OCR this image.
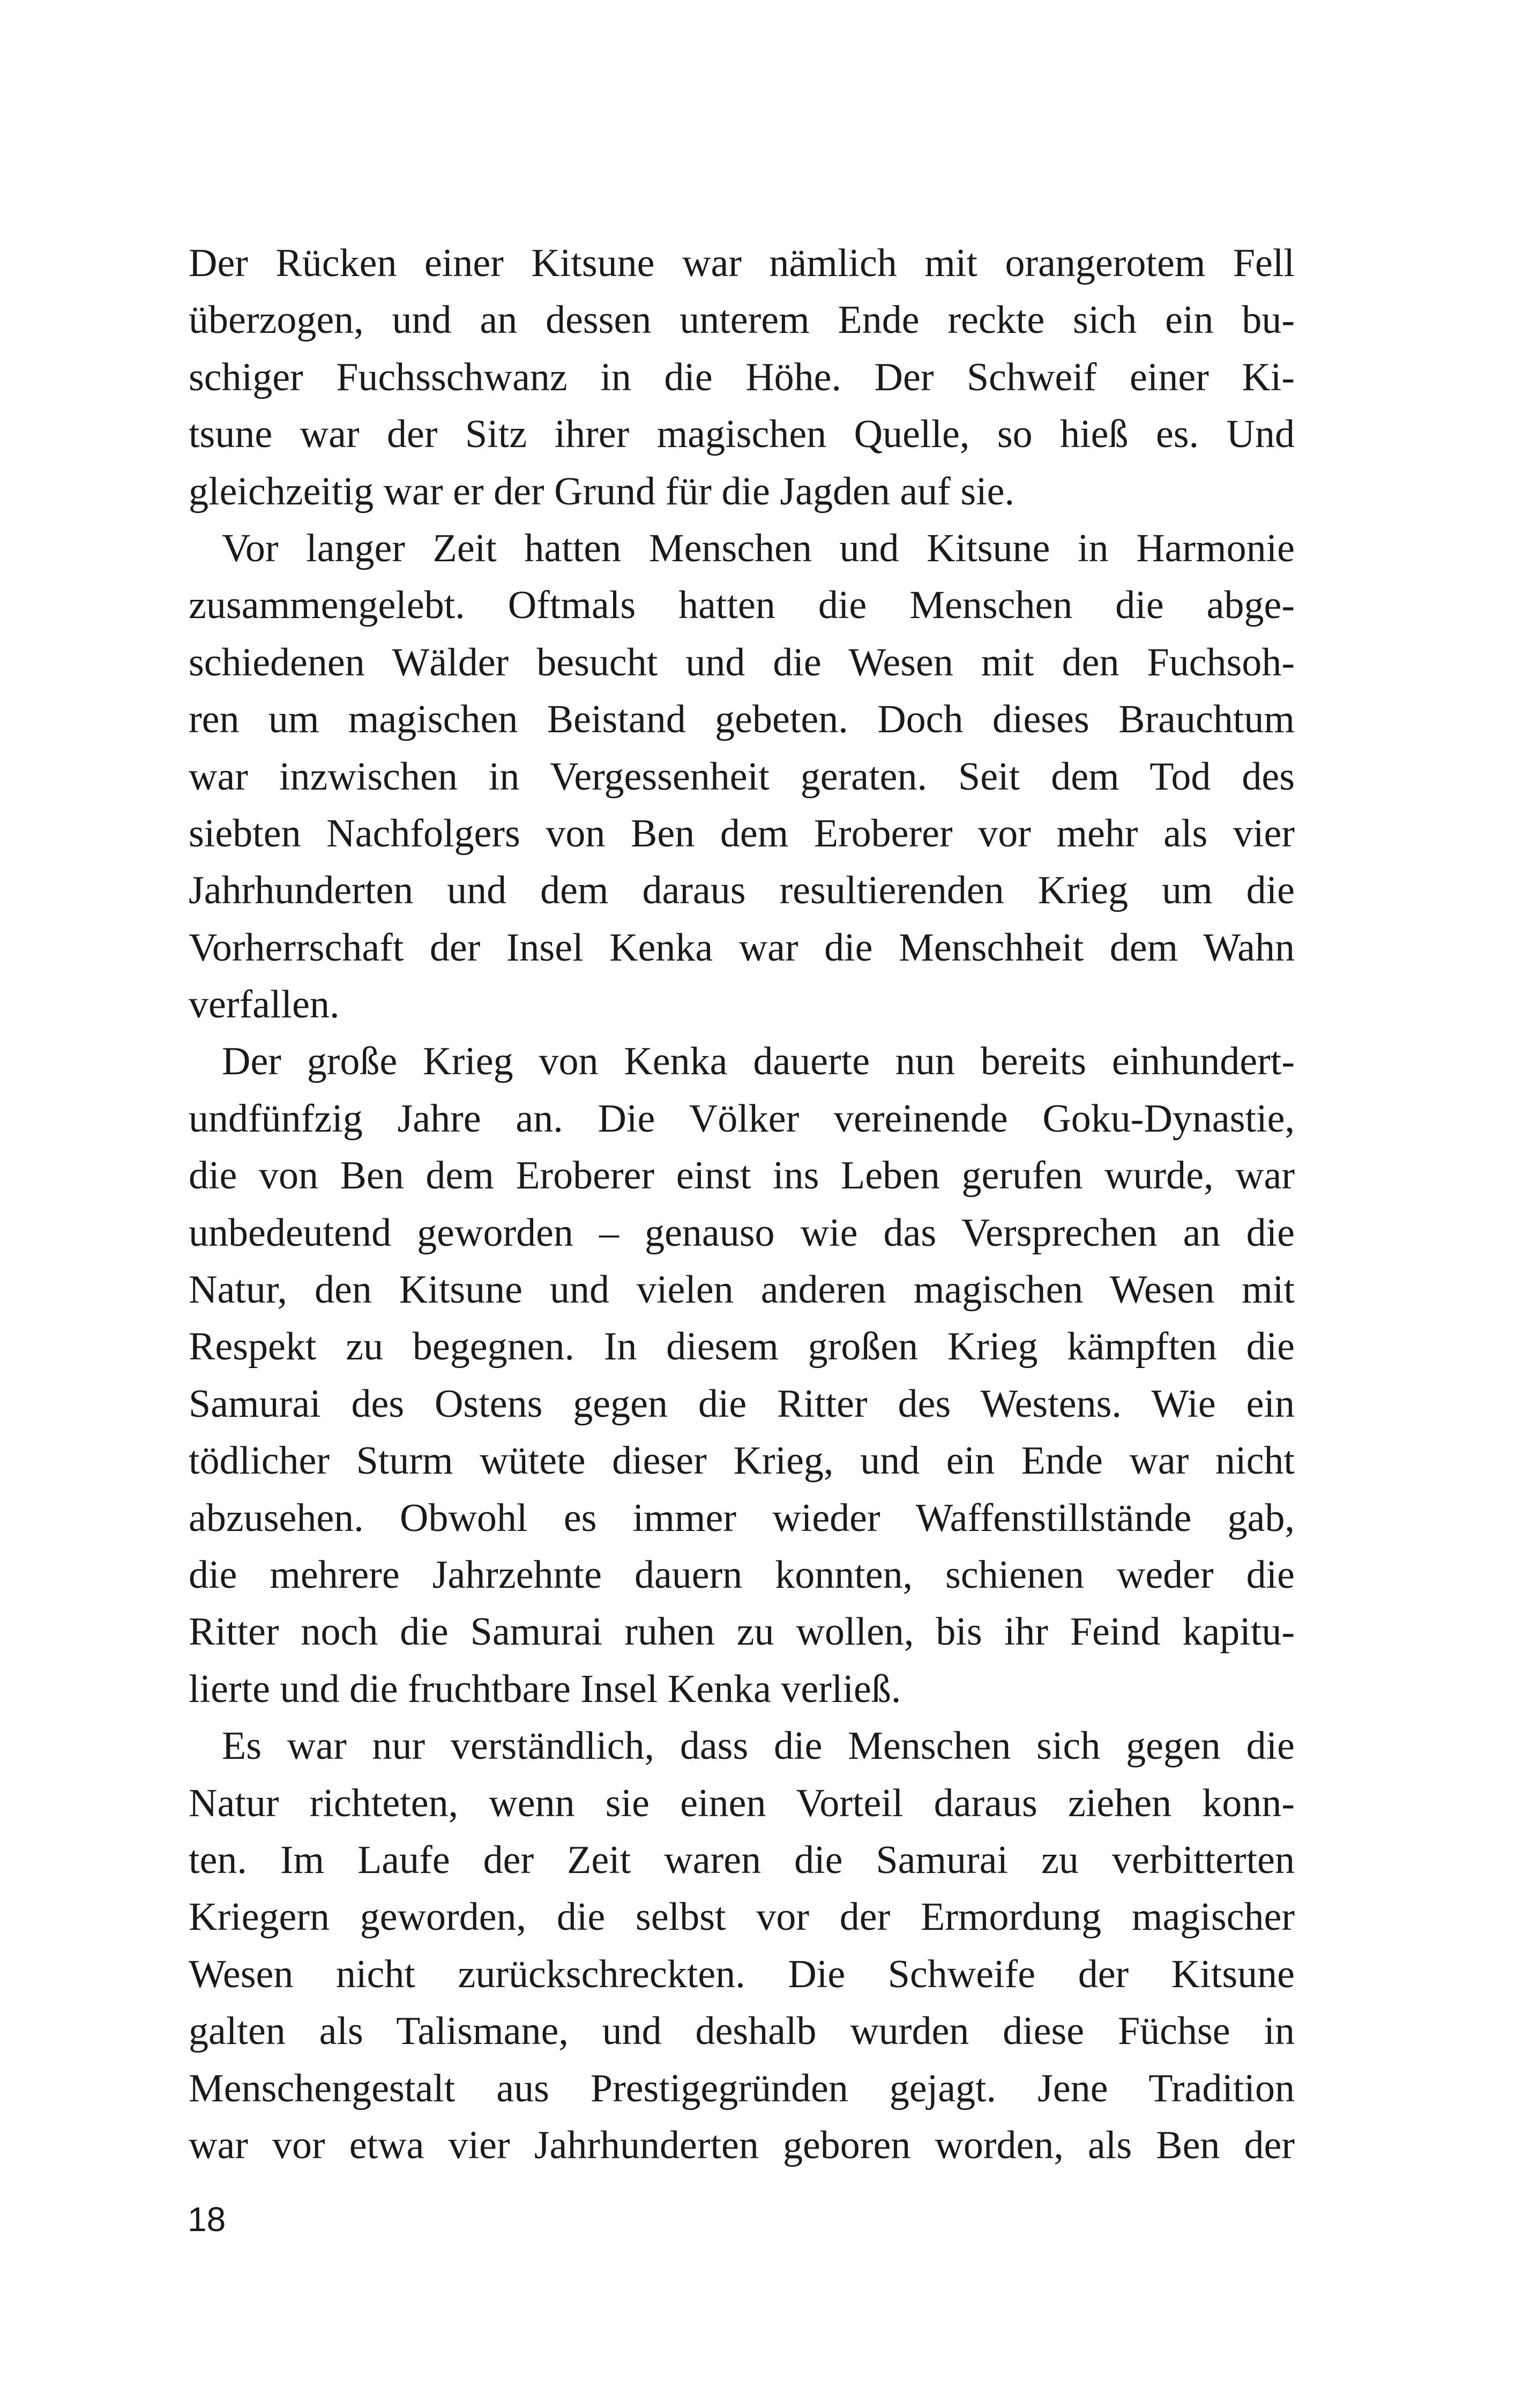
Der Rücken einer Kitsune war nämlich mit orangerotem Fell
überzogen, und an dessen unterem Ende reckte sich ein bu-
schiger Fuchsschwanz in die Höhe. Der Schweif einer Ki-
tsune war der Sitz ihrer magischen Quelle, so hieß es. Und
gleichzeitig war er der Grund für die Jagden auf sie.
Vor langer Zeit hatten Menschen und Kitsune in Harmonie
zusammengelebt. Oftmals hatten die Menschen die abge-
schiedenen Wälder besucht und die Wesen mit den Fuchsoh-
ren um magischen Beistand gebeten. Doch dieses Brauchtum
war inzwischen in Vergessenheit geraten. Seit dem Tod des
siebten Nachfolgers von Ben dem Eroberer vor mehr als vier
Jahrhunderten und dem daraus resultierenden Krieg um die
Vorherrschaft der Insel Kenka war die Menschheit dem Wahn
verfallen.
Der große Krieg von Kenka dauerte nun bereits einhundert-
undfünfzig Jahre an. Die Völker vereinende Goku-Dynastie,
die von Ben dem Eroberer einst ins Leben gerufen wurde, war
unbedeutend geworden – genauso wie das Versprechen an die
Natur, den Kitsune und vielen anderen magischen Wesen mit
Respekt zu begegnen. In diesem großen Krieg kämpften die
Samurai des Ostens gegen die Ritter des Westens. Wie ein
tödlicher Sturm wütete dieser Krieg, und ein Ende war nicht
abzusehen. Obwohl es immer wieder Waffenstillstände gab,
die mehrere Jahrzehnte dauern konnten, schienen weder die
Ritter noch die Samurai ruhen zu wollen, bis ihr Feind kapitu-
lierte und die fruchtbare Insel Kenka verließ.
Es war nur verständlich, dass die Menschen sich gegen die
Natur richteten, wenn sie einen Vorteil daraus ziehen konn-
ten. Im Laufe der Zeit waren die Samurai zu verbitterten
Kriegern geworden, die selbst vor der Ermordung magischer
Wesen nicht zurückschreckten. Die Schweife der Kitsune
galten als Talismane, und deshalb wurden diese Füchse in
Menschengestalt aus Prestigegründen gejagt. Jene Tradition
war vor etwa vier Jahrhunderten geboren worden, als Ben der
18
